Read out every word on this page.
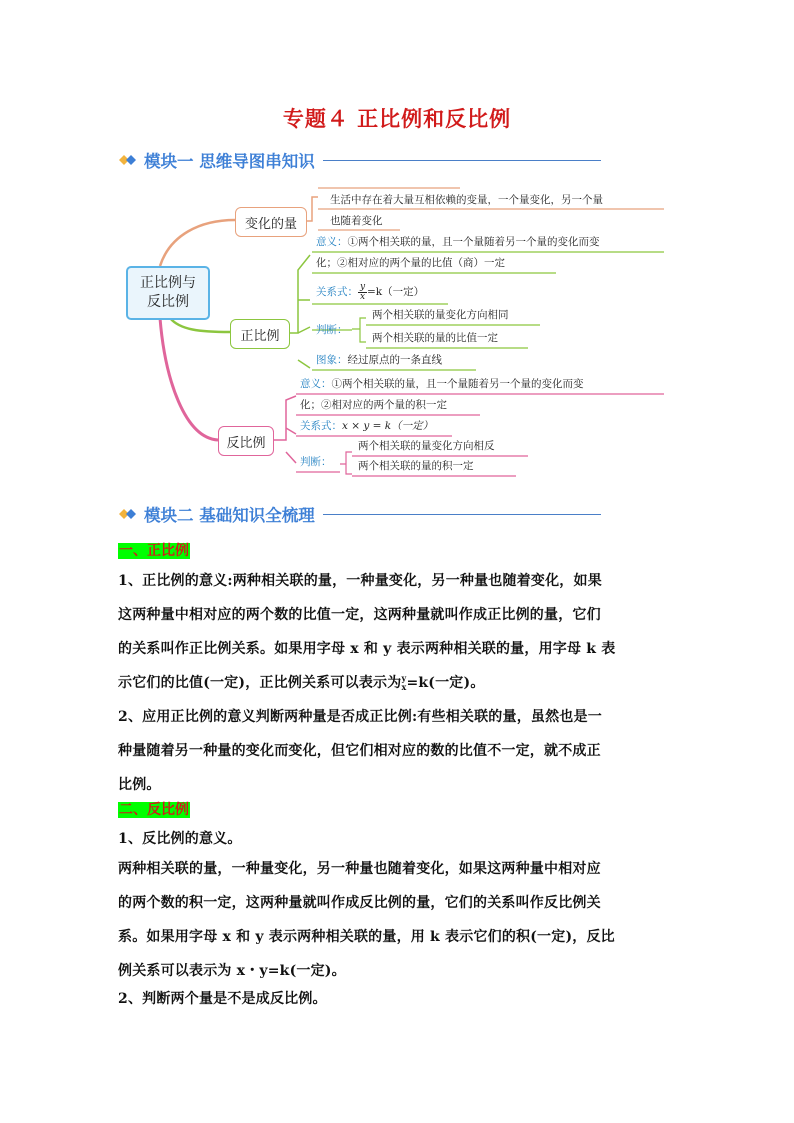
专题４ 正比例和反比例
模块一 思维导图串知识
正比例与
反比例
变化的量
生活中存在着大量互相依赖的变量，一个量变化，另一个量
也随着变化
正比例
意义：①两个相关联的量，且一个量随着另一个量的变化而变
化；②相对应的两个量的比值（商）一定
关系式： y
x =k（一定）
判断：
两个相关联的量变化方向相同
两个相关联的量的比值一定
图象：经过原点的一条直线
反比例
意义：①两个相关联的量，且一个量随着另一个量的变化而变
化；②相对应的两个量的积一定
关系式：x × y = k（一定）
判断：
两个相关联的量变化方向相反
两个相关联的量的积一定
模块二 基础知识全梳理
一、正比例
1、正比例的意义:两种相关联的量，一种量变化，另一种量也随着变化，如果
这两种量中相对应的两个数的比值一定，这两种量就叫作成正比例的量，它们
的关系叫作正比例关系。如果用字母 x 和 y 表示两种相关联的量，用字母 k 表
示它们的比值(一定)，正比例关系可以表示为 y
x =k(一定)。
2、应用正比例的意义判断两种量是否成正比例:有些相关联的量，虽然也是一
种量随着另一种量的变化而变化，但它们相对应的数的比值不一定，就不成正
比例。
二、反比例
1、反比例的意义。
两种相关联的量，一种量变化，另一种量也随着变化，如果这两种量中相对应
的两个数的积一定，这两种量就叫作成反比例的量，它们的关系叫作反比例关
系。如果用字母 x 和 y 表示两种相关联的量，用 k 表示它们的积(一定)，反比
例关系可以表示为 x・y=k(一定)。
2、判断两个量是不是成反比例。
